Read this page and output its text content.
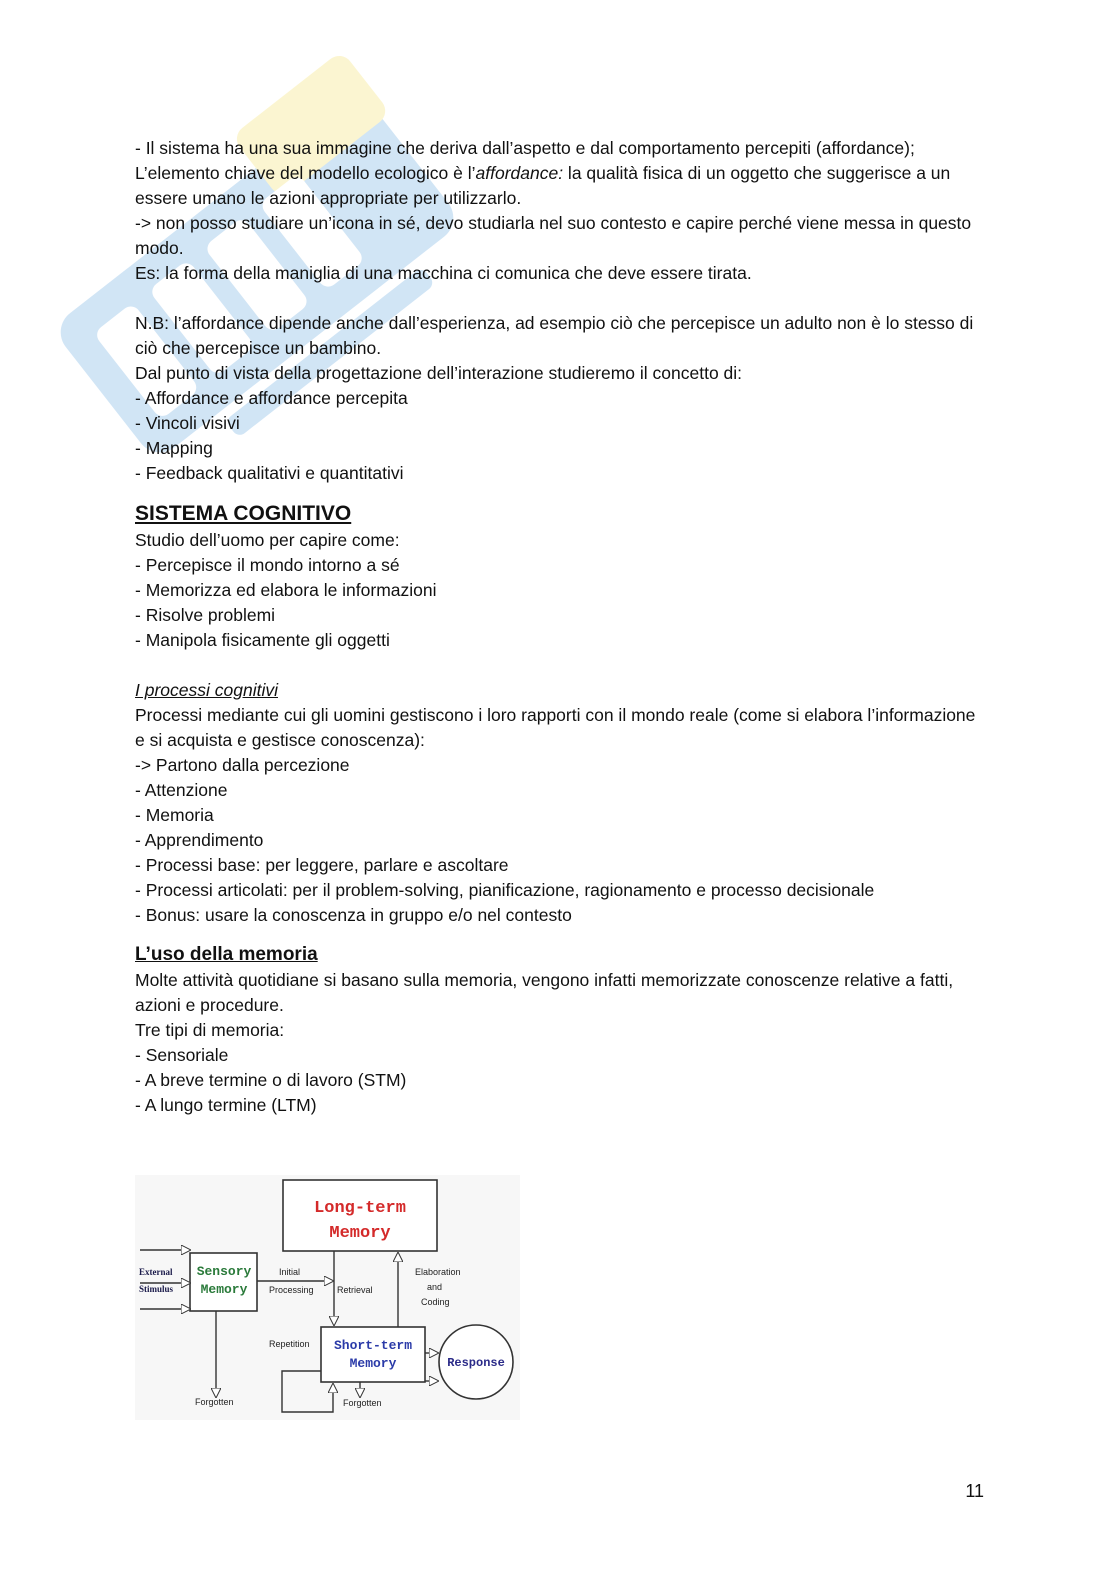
- Il sistema ha una sua immagine che deriva dall’aspetto e dal comportamento percepiti (affordance);

L’elemento chiave del modello ecologico è l’affordance: la qualità fisica di un oggetto che suggerisce a un essere umano le azioni appropriate per utilizzarlo.

-> non posso studiare un’icona in sé, devo studiarla nel suo contesto e capire perché viene messa in questo modo.

Es: la forma della maniglia di una macchina ci comunica che deve essere tirata.

N.B: l’affordance dipende anche dall’esperienza, ad esempio ciò che percepisce un adulto non è lo stesso di ciò che percepisce un bambino.

Dal punto di vista della progettazione dell’interazione studieremo il concetto di:

- Affordance e affordance percepita

- Vincoli visivi

- Mapping

- Feedback qualitativi e quantitativi

SISTEMA COGNITIVO

Studio dell’uomo per capire come:

- Percepisce il mondo intorno a sé

- Memorizza ed elabora le informazioni

- Risolve problemi

- Manipola fisicamente gli oggetti

I processi cognitivi

Processi mediante cui gli uomini gestiscono i loro rapporti con il mondo reale (come si elabora l’informazione e si acquista e gestisce conoscenza):

-> Partono dalla percezione

- Attenzione

- Memoria

- Apprendimento

- Processi base: per leggere, parlare e ascoltare

- Processi articolati: per il problem-solving, pianificazione, ragionamento e processo decisionale

- Bonus: usare la conoscenza in gruppo e/o nel contesto

L’uso della memoria

Molte attività quotidiane si basano sulla memoria, vengono infatti memorizzate conoscenze relative a fatti, azioni e procedure.

Tre tipi di memoria:

- Sensoriale

- A breve termine o di lavoro (STM)

- A lungo termine (LTM)

Long-term
Memory
Sensory
Memory
Short-term
Memory	Response
External
Stimulus
Forgotten
Initial
Processing	Retrieval
Elaboration
and
Coding
Repetition
Forgotten
11
